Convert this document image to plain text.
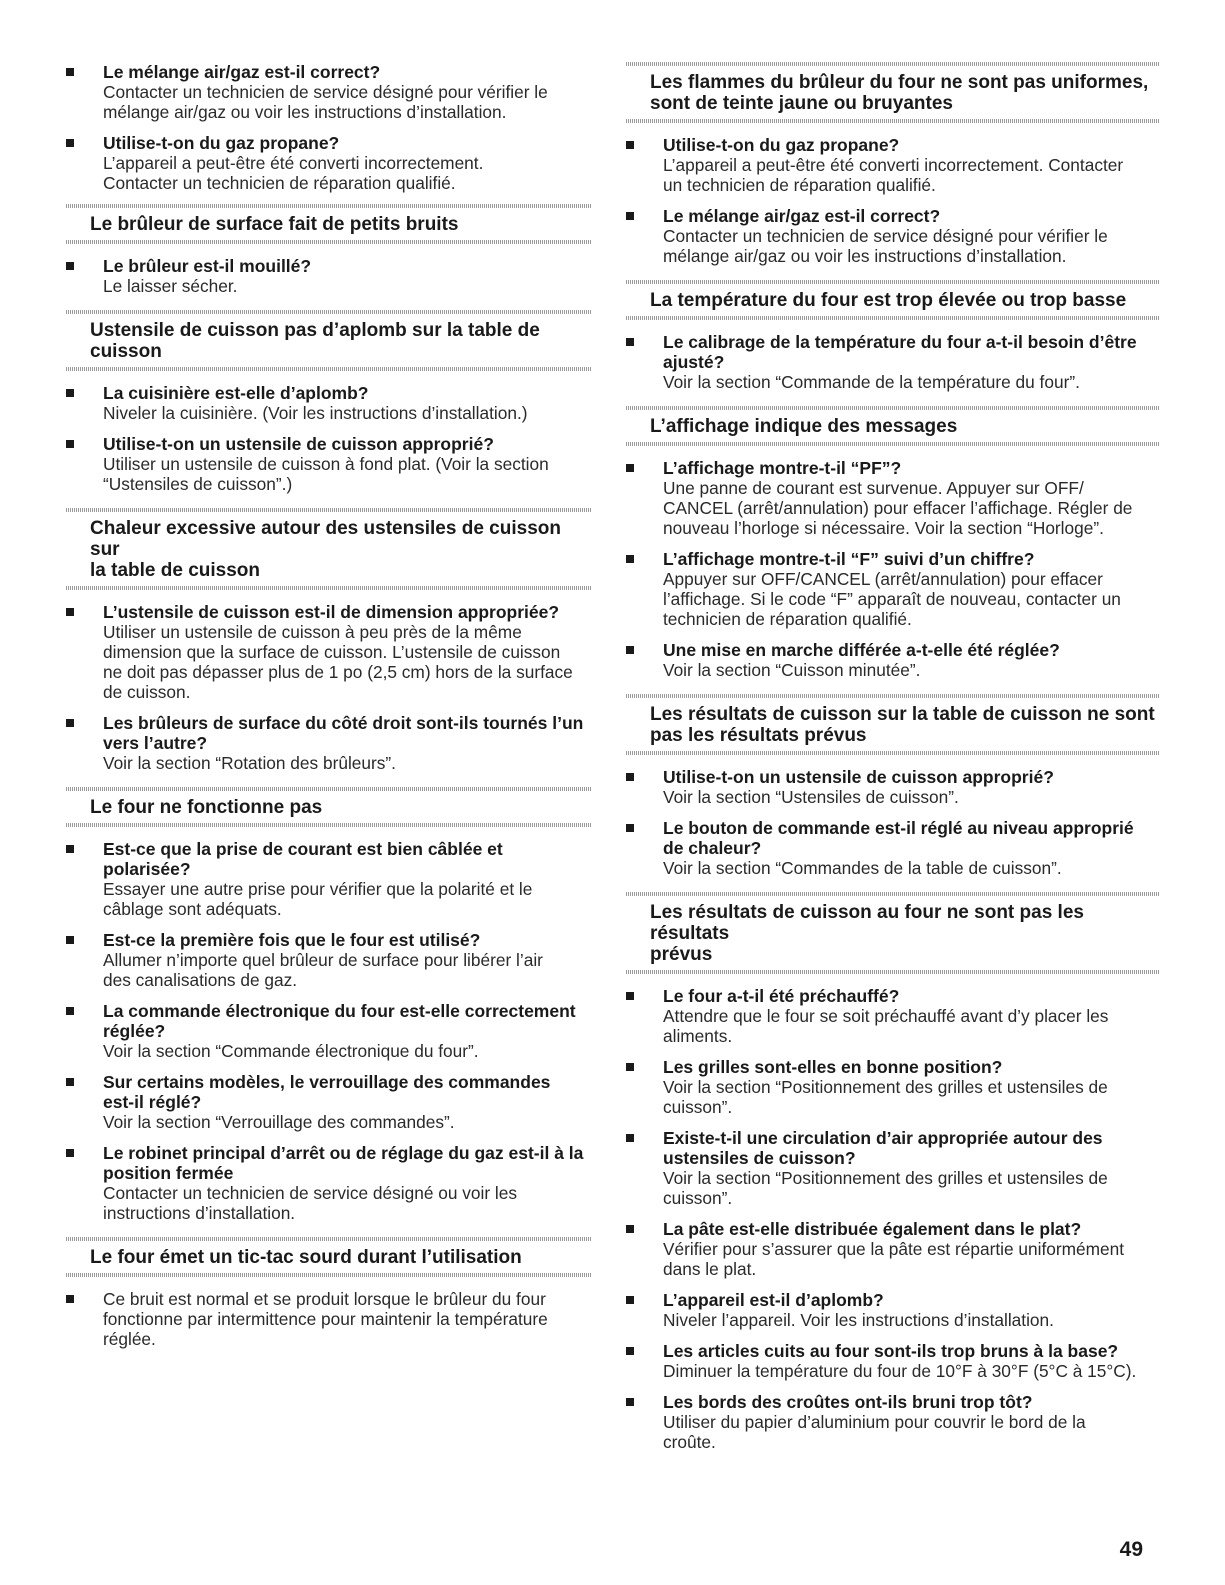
Le mélange air/gaz est-il correct?
Contacter un technicien de service désigné pour vérifier le
mélange air/gaz ou voir les instructions d’installation.
Utilise-t-on du gaz propane?
L’appareil a peut-être été converti incorrectement.
Contacter un technicien de réparation qualifié.
Le brûleur de surface fait de petits bruits
Le brûleur est-il mouillé?
Le laisser sécher.
Ustensile de cuisson pas d’aplomb sur la table de
cuisson
La cuisinière est-elle d’aplomb?
Niveler la cuisinière. (Voir les instructions d’installation.)
Utilise-t-on un ustensile de cuisson approprié?
Utiliser un ustensile de cuisson à fond plat. (Voir la section
“Ustensiles de cuisson”.)
Chaleur excessive autour des ustensiles de cuisson sur
la table de cuisson
L’ustensile de cuisson est-il de dimension appropriée?
Utiliser un ustensile de cuisson à peu près de la même
dimension que la surface de cuisson. L’ustensile de cuisson
ne doit pas dépasser plus de 1 po (2,5 cm) hors de la surface
de cuisson.
Les brûleurs de surface du côté droit sont-ils tournés l’un
vers l’autre?
Voir la section “Rotation des brûleurs”.
Le four ne fonctionne pas
Est-ce que la prise de courant est bien câblée et
polarisée?
Essayer une autre prise pour vérifier que la polarité et le
câblage sont adéquats.
Est-ce la première fois que le four est utilisé?
Allumer n’importe quel brûleur de surface pour libérer l’air
des canalisations de gaz.
La commande électronique du four est-elle correctement
réglée?
Voir la section “Commande électronique du four”.
Sur certains modèles, le verrouillage des commandes
est-il réglé?
Voir la section “Verrouillage des commandes”.
Le robinet principal d’arrêt ou de réglage du gaz est-il à la
position fermée
Contacter un technicien de service désigné ou voir les
instructions d’installation.
Le four émet un tic-tac sourd durant l’utilisation
Ce bruit est normal et se produit lorsque le brûleur du four
fonctionne par intermittence pour maintenir la température
réglée.
Les flammes du brûleur du four ne sont pas uniformes,
sont de teinte jaune ou bruyantes
Utilise-t-on du gaz propane?
L’appareil a peut-être été converti incorrectement. Contacter
un technicien de réparation qualifié.
Le mélange air/gaz est-il correct?
Contacter un technicien de service désigné pour vérifier le
mélange air/gaz ou voir les instructions d’installation.
La température du four est trop élevée ou trop basse
Le calibrage de la température du four a-t-il besoin d’être
ajusté?
Voir la section “Commande de la température du four”.
L’affichage indique des messages
L’affichage montre-t-il “PF”?
Une panne de courant est survenue. Appuyer sur OFF/
CANCEL (arrêt/annulation) pour effacer l’affichage. Régler de
nouveau l’horloge si nécessaire. Voir la section “Horloge”.
L’affichage montre-t-il “F” suivi d’un chiffre?
Appuyer sur OFF/CANCEL (arrêt/annulation) pour effacer
l’affichage. Si le code “F” apparaît de nouveau, contacter un
technicien de réparation qualifié.
Une mise en marche différée a-t-elle été réglée?
Voir la section “Cuisson minutée”.
Les résultats de cuisson sur la table de cuisson ne sont
pas les résultats prévus
Utilise-t-on un ustensile de cuisson approprié?
Voir la section “Ustensiles de cuisson”.
Le bouton de commande est-il réglé au niveau approprié
de chaleur?
Voir la section “Commandes de la table de cuisson”.
Les résultats de cuisson au four ne sont pas les résultats
prévus
Le four a-t-il été préchauffé?
Attendre que le four se soit préchauffé avant d’y placer les
aliments.
Les grilles sont-elles en bonne position?
Voir la section “Positionnement des grilles et ustensiles de
cuisson”.
Existe-t-il une circulation d’air appropriée autour des
ustensiles de cuisson?
Voir la section “Positionnement des grilles et ustensiles de
cuisson”.
La pâte est-elle distribuée également dans le plat?
Vérifier pour s’assurer que la pâte est répartie uniformément
dans le plat.
L’appareil est-il d’aplomb?
Niveler l’appareil. Voir les instructions d’installation.
Les articles cuits au four sont-ils trop bruns à la base?
Diminuer la température du four de 10°F à 30°F (5°C à 15°C).
Les bords des croûtes ont-ils bruni trop tôt?
Utiliser du papier d’aluminium pour couvrir le bord de la
croûte.
49
